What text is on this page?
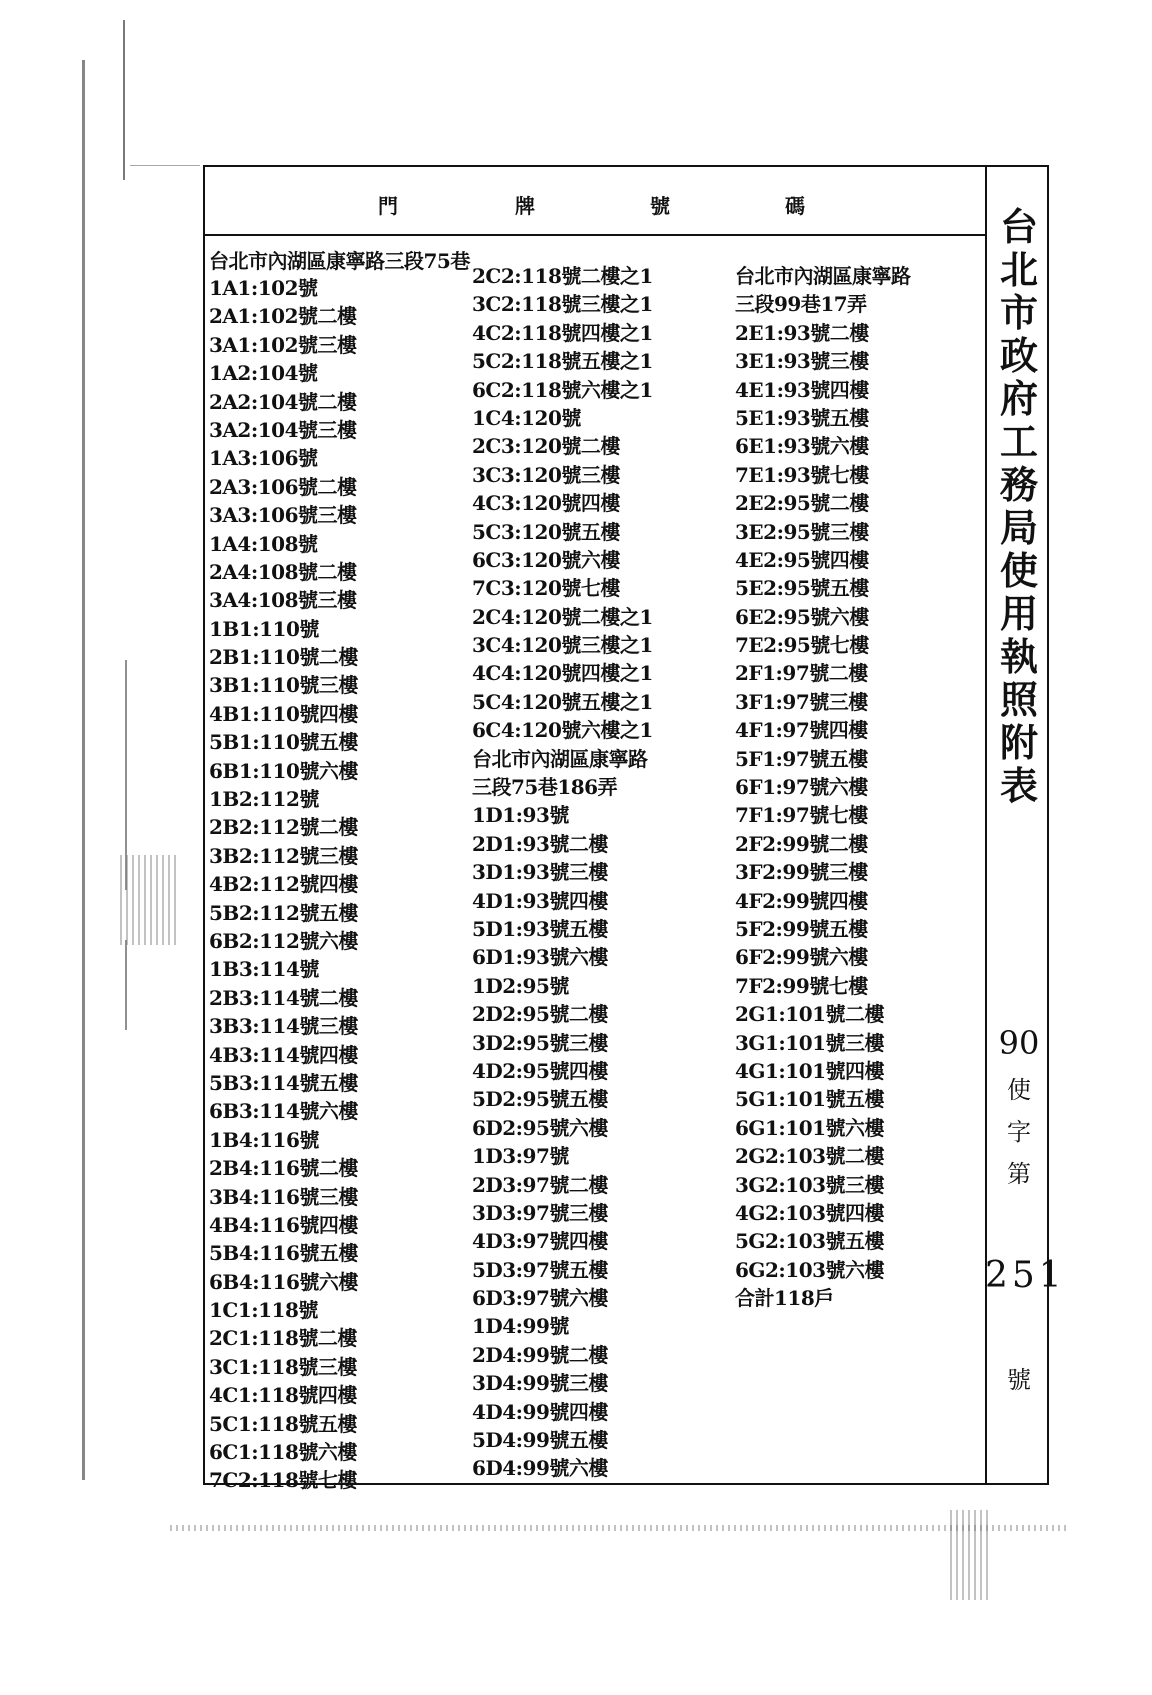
門	牌	號	碼
台北市內湖區康寧路三段75巷
1A1:102號
2A1:102號二樓
3A1:102號三樓
1A2:104號
2A2:104號二樓
3A2:104號三樓
1A3:106號
2A3:106號二樓
3A3:106號三樓
1A4:108號
2A4:108號二樓
3A4:108號三樓
1B1:110號
2B1:110號二樓
3B1:110號三樓
4B1:110號四樓
5B1:110號五樓
6B1:110號六樓
1B2:112號
2B2:112號二樓
3B2:112號三樓
4B2:112號四樓
5B2:112號五樓
6B2:112號六樓
1B3:114號
2B3:114號二樓
3B3:114號三樓
4B3:114號四樓
5B3:114號五樓
6B3:114號六樓
1B4:116號
2B4:116號二樓
3B4:116號三樓
4B4:116號四樓
5B4:116號五樓
6B4:116號六樓
1C1:118號
2C1:118號二樓
3C1:118號三樓
4C1:118號四樓
5C1:118號五樓
6C1:118號六樓
7C2:118號七樓
2C2:118號二樓之1
3C2:118號三樓之1
4C2:118號四樓之1
5C2:118號五樓之1
6C2:118號六樓之1
1C4:120號
2C3:120號二樓
3C3:120號三樓
4C3:120號四樓
5C3:120號五樓
6C3:120號六樓
7C3:120號七樓
2C4:120號二樓之1
3C4:120號三樓之1
4C4:120號四樓之1
5C4:120號五樓之1
6C4:120號六樓之1
台北市內湖區康寧路
三段75巷186弄
1D1:93號
2D1:93號二樓
3D1:93號三樓
4D1:93號四樓
5D1:93號五樓
6D1:93號六樓
1D2:95號
2D2:95號二樓
3D2:95號三樓
4D2:95號四樓
5D2:95號五樓
6D2:95號六樓
1D3:97號
2D3:97號二樓
3D3:97號三樓
4D3:97號四樓
5D3:97號五樓
6D3:97號六樓
1D4:99號
2D4:99號二樓
3D4:99號三樓
4D4:99號四樓
5D4:99號五樓
6D4:99號六樓
台北市內湖區康寧路
三段99巷17弄
2E1:93號二樓
3E1:93號三樓
4E1:93號四樓
5E1:93號五樓
6E1:93號六樓
7E1:93號七樓
2E2:95號二樓
3E2:95號三樓
4E2:95號四樓
5E2:95號五樓
6E2:95號六樓
7E2:95號七樓
2F1:97號二樓
3F1:97號三樓
4F1:97號四樓
5F1:97號五樓
6F1:97號六樓
7F1:97號七樓
2F2:99號二樓
3F2:99號三樓
4F2:99號四樓
5F2:99號五樓
6F2:99號六樓
7F2:99號七樓
2G1:101號二樓
3G1:101號三樓
4G1:101號四樓
5G1:101號五樓
6G1:101號六樓
2G2:103號二樓
3G2:103號三樓
4G2:103號四樓
5G2:103號五樓
6G2:103號六樓
合計118戶
台
北
市
政
府
工
務
局
使
用
執
照
附
表
90
使
字
第
251
號
